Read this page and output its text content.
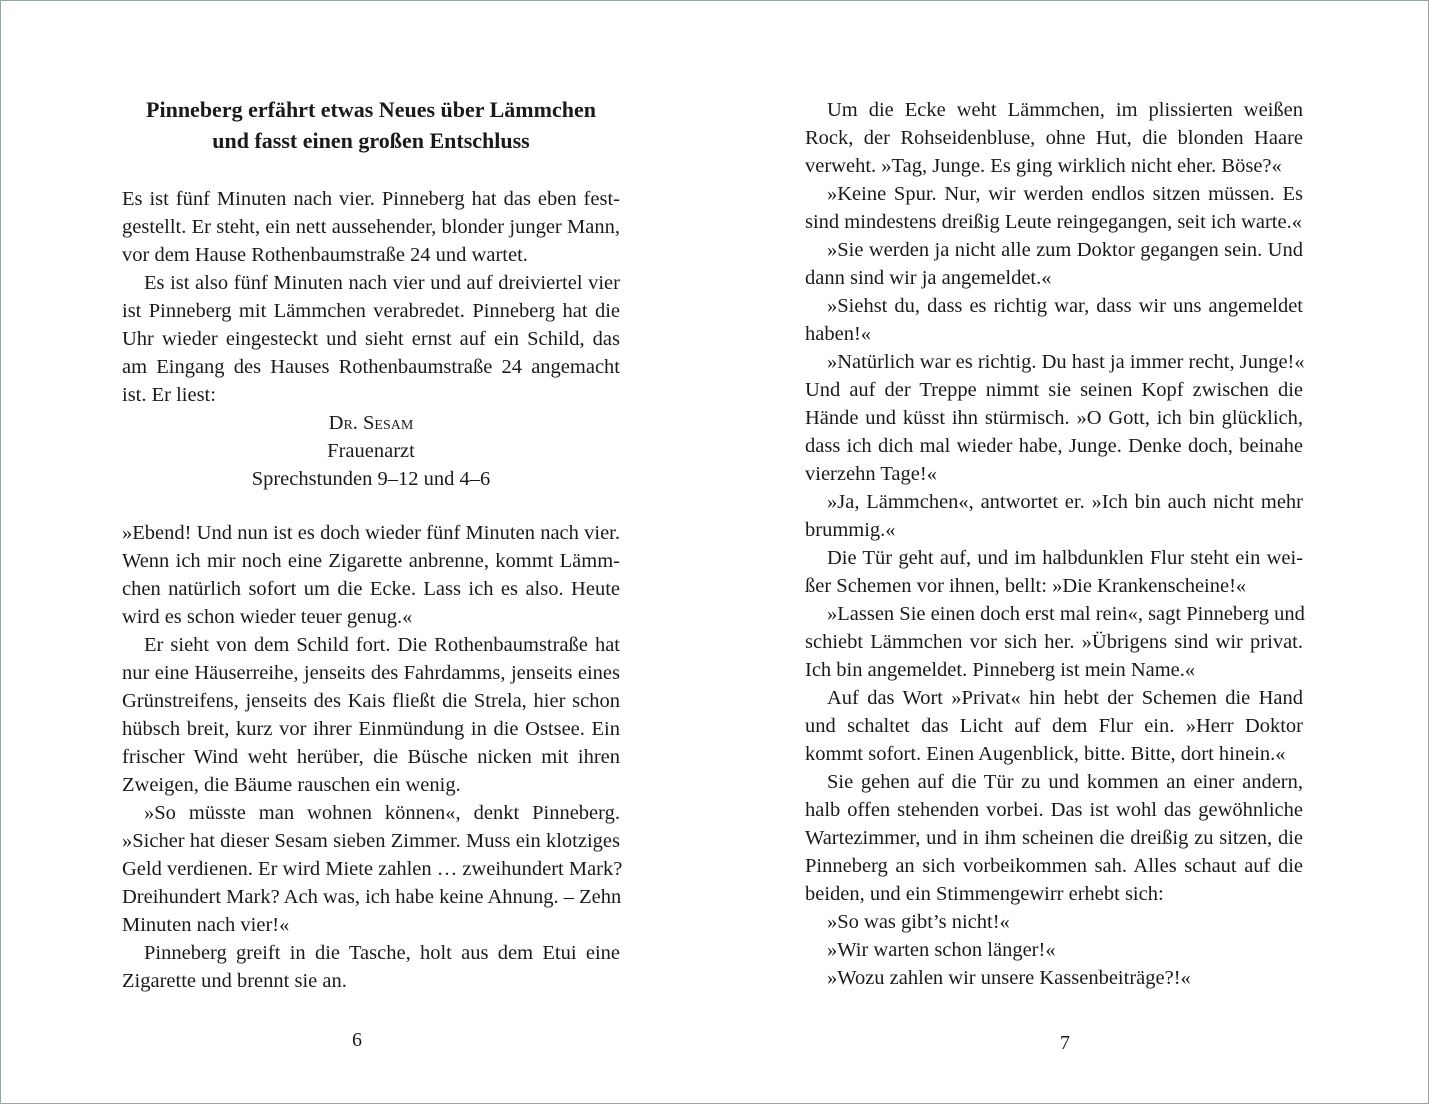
Pinneberg erfährt etwas Neues über Lämmchen
und fasst einen großen Entschluss
Es ist fünf Minuten nach vier. Pinneberg hat das eben fest-
gestellt. Er steht, ein nett aussehender, blonder junger Mann,
vor dem Hause Rothenbaumstraße 24 und wartet.
Es ist also fünf Minuten nach vier und auf dreiviertel vier
ist Pinneberg mit Lämmchen verabredet. Pinneberg hat die
Uhr wieder eingesteckt und sieht ernst auf ein Schild, das
am Eingang des Hauses Rothenbaumstraße 24 angemacht
ist. Er liest:
Dr. Sesam
Frauenarzt
Sprechstunden 9–12 und 4–6
»Ebend! Und nun ist es doch wieder fünf Minuten nach vier.
Wenn ich mir noch eine Zigarette anbrenne, kommt Lämm-
chen natürlich sofort um die Ecke. Lass ich es also. Heute
wird es schon wieder teuer genug.«
Er sieht von dem Schild fort. Die Rothenbaumstraße hat
nur eine Häuserreihe, jenseits des Fahrdamms, jenseits eines
Grünstreifens, jenseits des Kais fließt die Strela, hier schon
hübsch breit, kurz vor ihrer Einmündung in die Ostsee. Ein
frischer Wind weht herüber, die Büsche nicken mit ihren
Zweigen, die Bäume rauschen ein wenig.
»So müsste man wohnen können«, denkt Pinneberg.
»Sicher hat dieser Sesam sieben Zimmer. Muss ein klotziges
Geld verdienen. Er wird Miete zahlen … zweihundert Mark?
Dreihundert Mark? Ach was, ich habe keine Ahnung. – Zehn
Minuten nach vier!«
Pinneberg greift in die Tasche, holt aus dem Etui eine
Zigarette und brennt sie an.
Um die Ecke weht Lämmchen, im plissierten weißen
Rock, der Rohseidenbluse, ohne Hut, die blonden Haare
verweht. »Tag, Junge. Es ging wirklich nicht eher. Böse?«
»Keine Spur. Nur, wir werden endlos sitzen müssen. Es
sind mindestens dreißig Leute reingegangen, seit ich warte.«
»Sie werden ja nicht alle zum Doktor gegangen sein. Und
dann sind wir ja angemeldet.«
»Siehst du, dass es richtig war, dass wir uns angemeldet
haben!«
»Natürlich war es richtig. Du hast ja immer recht, Junge!«
Und auf der Treppe nimmt sie seinen Kopf zwischen die
Hände und küsst ihn stürmisch. »O Gott, ich bin glücklich,
dass ich dich mal wieder habe, Junge. Denke doch, beinahe
vierzehn Tage!«
»Ja, Lämmchen«, antwortet er. »Ich bin auch nicht mehr
brummig.«
Die Tür geht auf, und im halbdunklen Flur steht ein wei-
ßer Schemen vor ihnen, bellt: »Die Krankenscheine!«
»Lassen Sie einen doch erst mal rein«, sagt Pinneberg und
schiebt Lämmchen vor sich her. »Übrigens sind wir privat.
Ich bin angemeldet. Pinneberg ist mein Name.«
Auf das Wort »Privat« hin hebt der Schemen die Hand
und schaltet das Licht auf dem Flur ein. »Herr Doktor
kommt sofort. Einen Augenblick, bitte. Bitte, dort hinein.«
Sie gehen auf die Tür zu und kommen an einer andern,
halb offen stehenden vorbei. Das ist wohl das gewöhnliche
Wartezimmer, und in ihm scheinen die dreißig zu sitzen, die
Pinneberg an sich vorbeikommen sah. Alles schaut auf die
beiden, und ein Stimmengewirr erhebt sich:
»So was gibt’s nicht!«
»Wir warten schon länger!«
»Wozu zahlen wir unsere Kassenbeiträge?!«
6	7
